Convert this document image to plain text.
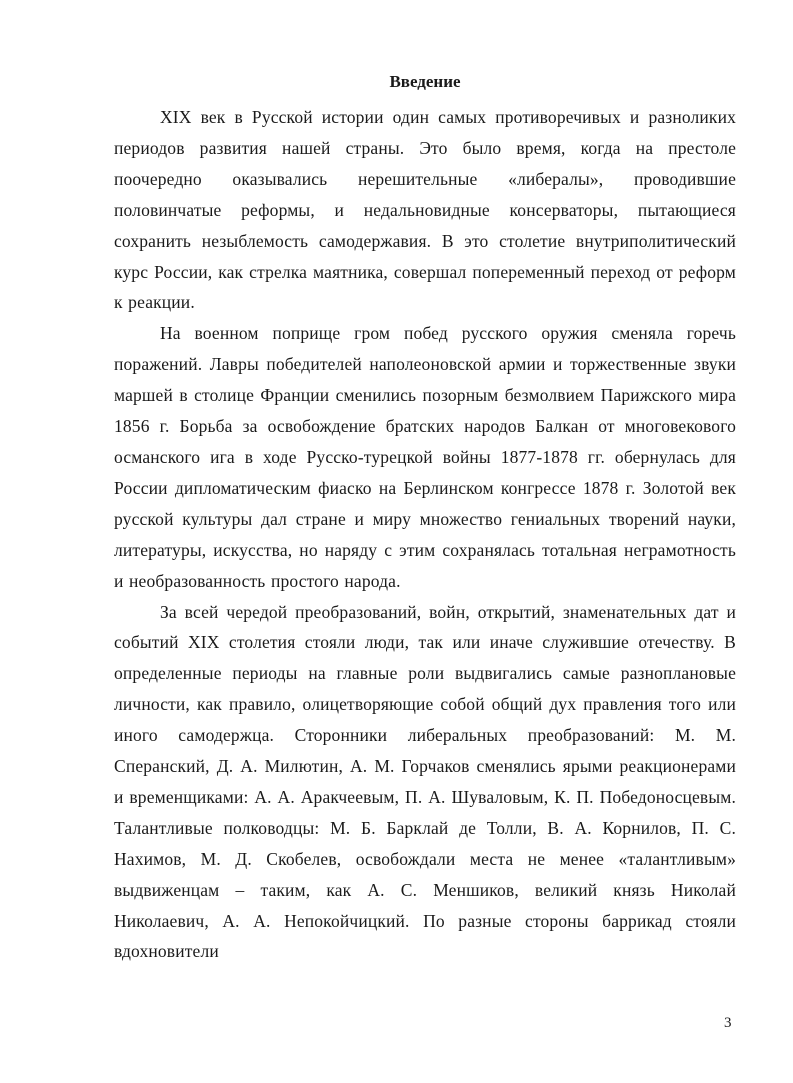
Введение

XIX век в Русской истории один самых противоречивых и разноликих периодов развития нашей страны. Это было время, когда на престоле поочередно оказывались нерешительные «либералы», проводившие половинчатые реформы, и недальновидные консерваторы, пытающиеся сохранить незыблемость самодержавия. В это столетие внутриполитический курс России, как стрелка маятника, совершал попеременный переход от реформ к реакции.

На военном поприще гром побед русского оружия сменяла горечь поражений. Лавры победителей наполеоновской армии и торжественные звуки маршей в столице Франции сменились позорным безмолвием Парижского мира 1856 г. Борьба за освобождение братских народов Балкан от многовекового османского ига в ходе Русско-турецкой войны 1877-1878 гг. обернулась для России дипломатическим фиаско на Берлинском конгрессе 1878 г. Золотой век русской культуры дал стране и миру множество гениальных творений науки, литературы, искусства, но наряду с этим сохранялась тотальная неграмотность и необразованность простого народа.

За всей чередой преобразований, войн, открытий, знаменательных дат и событий XIX столетия стояли люди, так или иначе служившие отечеству. В определенные периоды на главные роли выдвигались самые разноплановые личности, как правило, олицетворяющие собой общий дух правления того или иного самодержца. Сторонники либеральных преобразований: М. М. Сперанский, Д. А. Милютин, А. М. Горчаков сменялись ярыми реакционерами и временщиками: А. А. Аракчеевым, П. А. Шуваловым, К. П. Победоносцевым. Талантливые полководцы: М. Б. Барклай де Толли, В. А. Корнилов, П. С. Нахимов, М. Д. Скобелев, освобождали места не менее «талантливым» выдвиженцам – таким, как А. С. Меншиков, великий князь Николай Николаевич, А. А. Непокойчицкий. По разные стороны баррикад стояли вдохновители

3
